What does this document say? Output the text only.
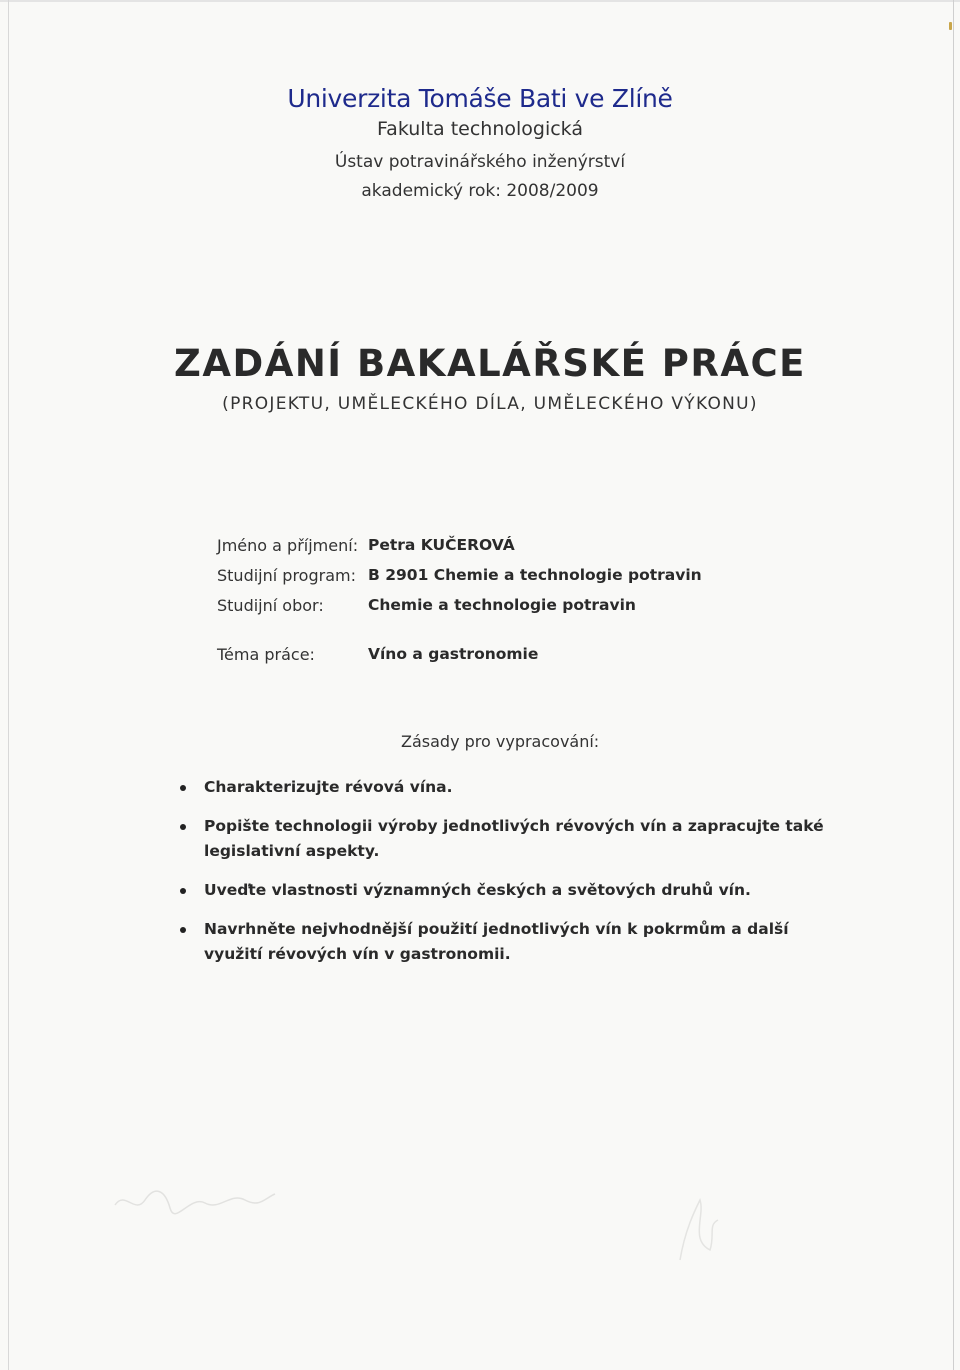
Univerzita Tomáše Bati ve Zlíně
Fakulta technologická
Ústav potravinářského inženýrství
akademický rok: 2008/2009
ZADÁNÍ BAKALÁŘSKÉ PRÁCE
(PROJEKTU, UMĚLECKÉHO DÍLA, UMĚLECKÉHO VÝKONU)
Jméno a příjmení: Petra KUČEROVÁ
Studijní program: B 2901 Chemie a technologie potravin
Studijní obor:	Chemie a technologie potravin
Téma práce:	Víno a gastronomie
Zásady pro vypracování:
Charakterizujte révová vína.
Popište technologii výroby jednotlivých révových vín a zapracujte také legislativní aspekty.
Uveďte vlastnosti významných českých a světových druhů vín.
Navrhněte nejvhodnější použití jednotlivých vín k pokrmům a další využití révových vín v gastronomii.
